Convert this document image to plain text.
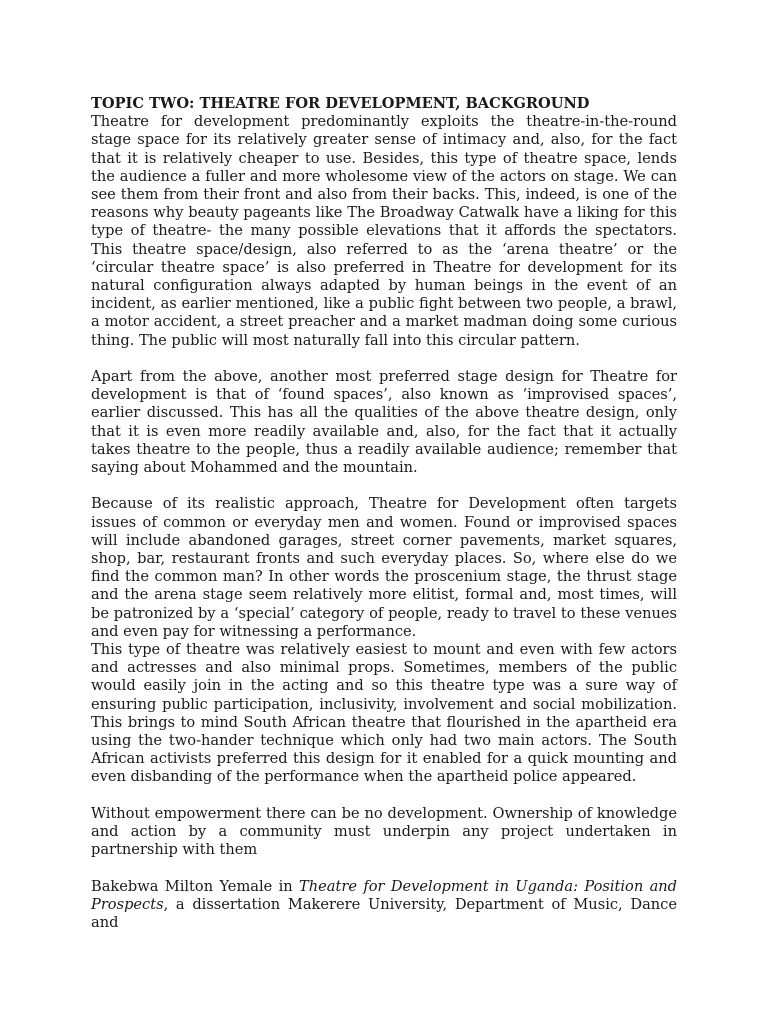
TOPIC TWO: THEATRE FOR DEVELOPMENT, BACKGROUND

Theatre for development predominantly exploits the theatre-in-the-round stage space for its relatively greater sense of intimacy and, also, for the fact that it is relatively cheaper to use. Besides, this type of theatre space, lends the audience a fuller and more wholesome view of the actors on stage. We can see them from their front and also from their backs. This, indeed, is one of the reasons why beauty pageants like The Broadway Catwalk have a liking for this type of theatre- the many possible elevations that it affords the spectators. This theatre space/design, also referred to as the ‘arena theatre’ or the ‘circular theatre space’ is also preferred in Theatre for development for its natural configuration always adapted by human beings in the event of an incident, as earlier mentioned, like a public fight between two people, a brawl, a motor accident, a street preacher and a market madman doing some curious thing. The public will most naturally fall into this circular pattern.

Apart from the above, another most preferred stage design for Theatre for development is that of ‘found spaces’, also known as ‘improvised spaces’, earlier discussed. This has all the qualities of the above theatre design, only that it is even more readily available and, also, for the fact that it actually takes theatre to the people, thus a readily available audience; remember that saying about Mohammed and the mountain.

Because of its realistic approach, Theatre for Development often targets issues of common or everyday men and women. Found or improvised spaces will include abandoned garages, street corner pavements, market squares, shop, bar, restaurant fronts and such everyday places. So, where else do we find the common man? In other words the proscenium stage, the thrust stage and the arena stage seem relatively more elitist, formal and, most times, will be patronized by a ‘special’ category of people, ready to travel to these venues and even pay for witnessing a performance.

This type of theatre was relatively easiest to mount and even with few actors and actresses and also minimal props. Sometimes, members of the public would easily join in the acting and so this theatre type was a sure way of ensuring public participation, inclusivity, involvement and social mobilization. This brings to mind South African theatre that flourished in the apartheid era using the two-hander technique which only had two main actors. The South African activists preferred this design for it enabled for a quick mounting and even disbanding of the performance when the apartheid police appeared.

Without empowerment there can be no development. Ownership of knowledge and action by a community must underpin any project undertaken in partnership with them

Bakebwa Milton Yemale in Theatre for Development in Uganda: Position and Prospects, a dissertation Makerere University, Department of Music, Dance and
